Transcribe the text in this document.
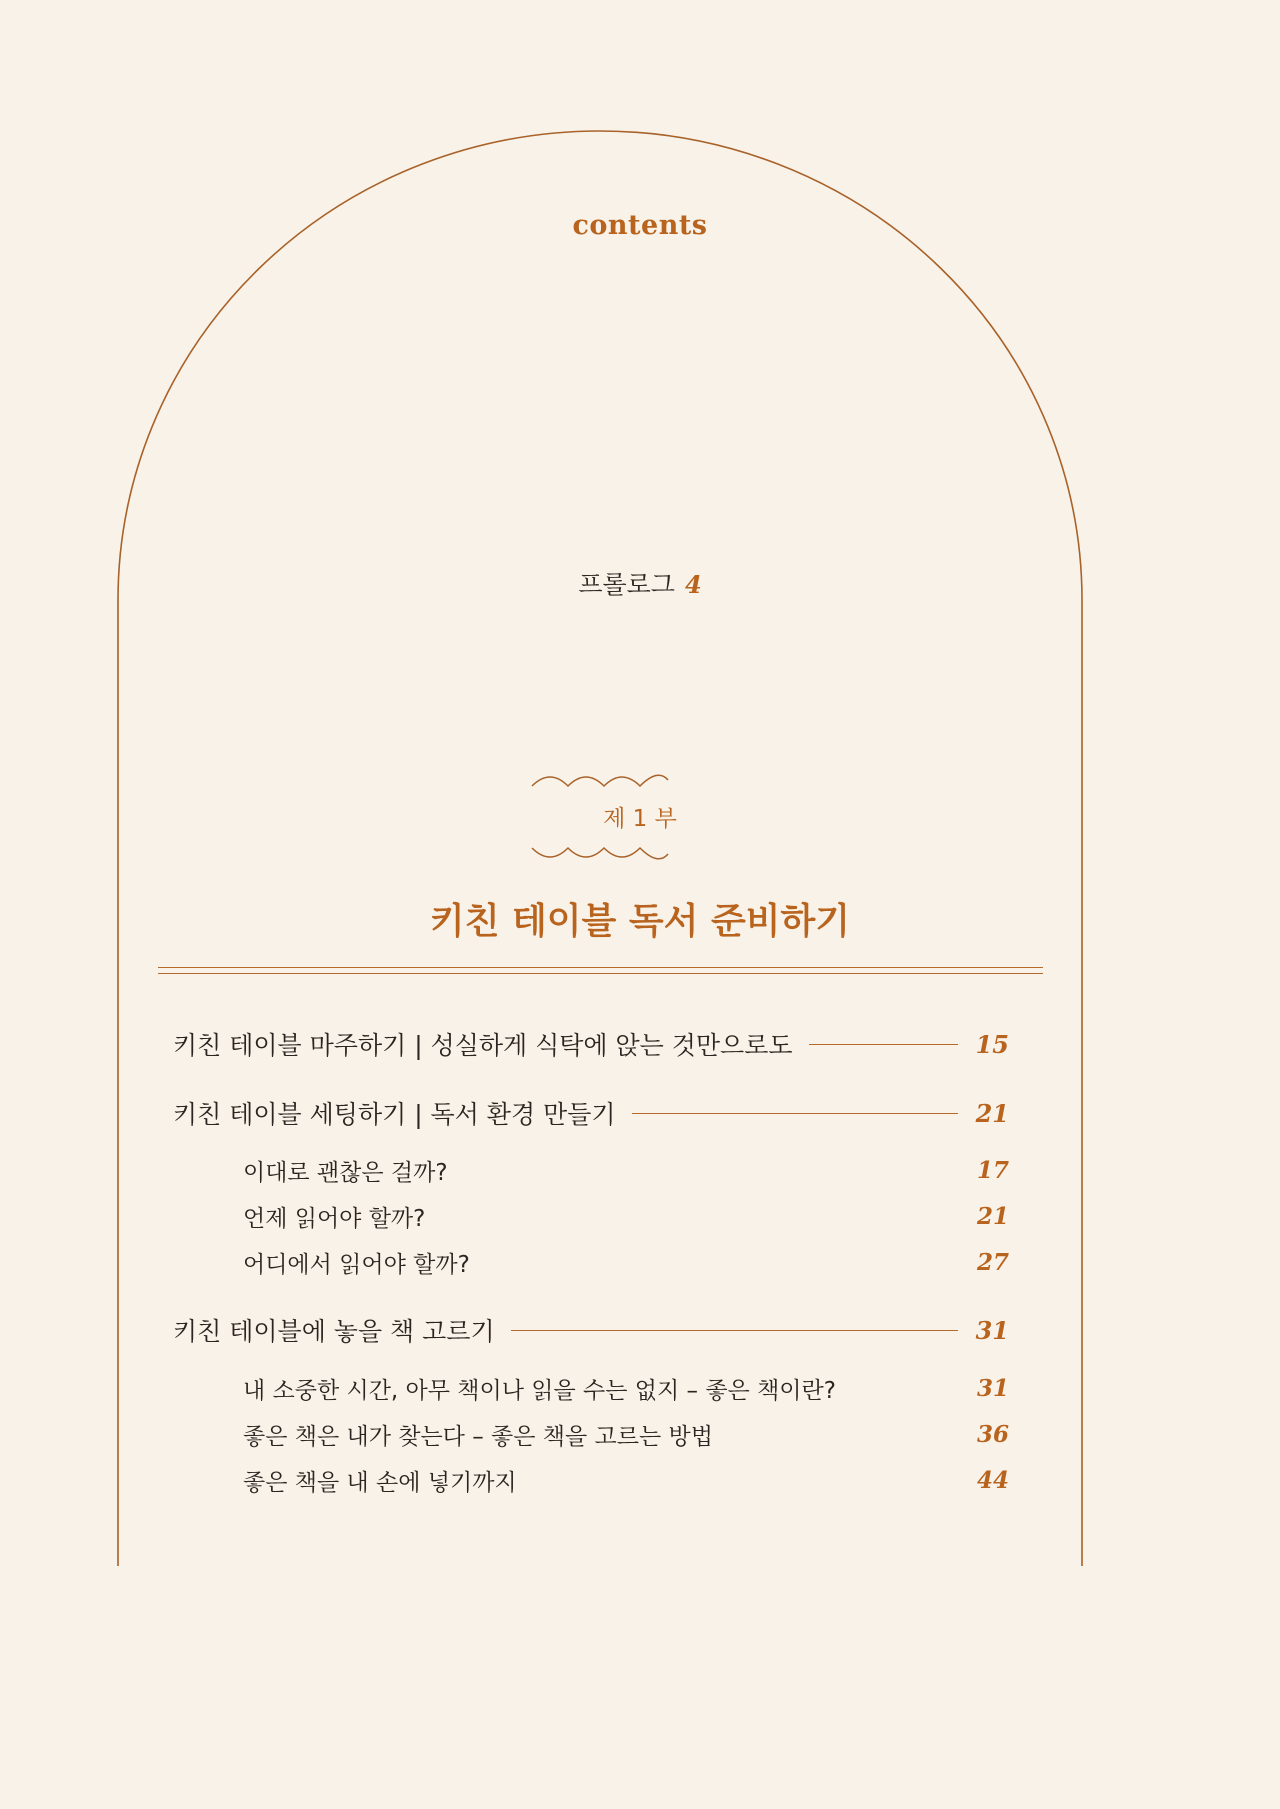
contents
프롤로그 4
제 1 부
키친 테이블 독서 준비하기
키친 테이블 마주하기 | 성실하게 식탁에 앉는 것만으로도	15
키친 테이블 세팅하기 | 독서 환경 만들기	21
이대로 괜찮은 걸까?	17
언제 읽어야 할까?	21
어디에서 읽어야 할까?	27
키친 테이블에 놓을 책 고르기	31
내 소중한 시간, 아무 책이나 읽을 수는 없지 – 좋은 책이란?	31
좋은 책은 내가 찾는다 – 좋은 책을 고르는 방법	36
좋은 책을 내 손에 넣기까지	44
